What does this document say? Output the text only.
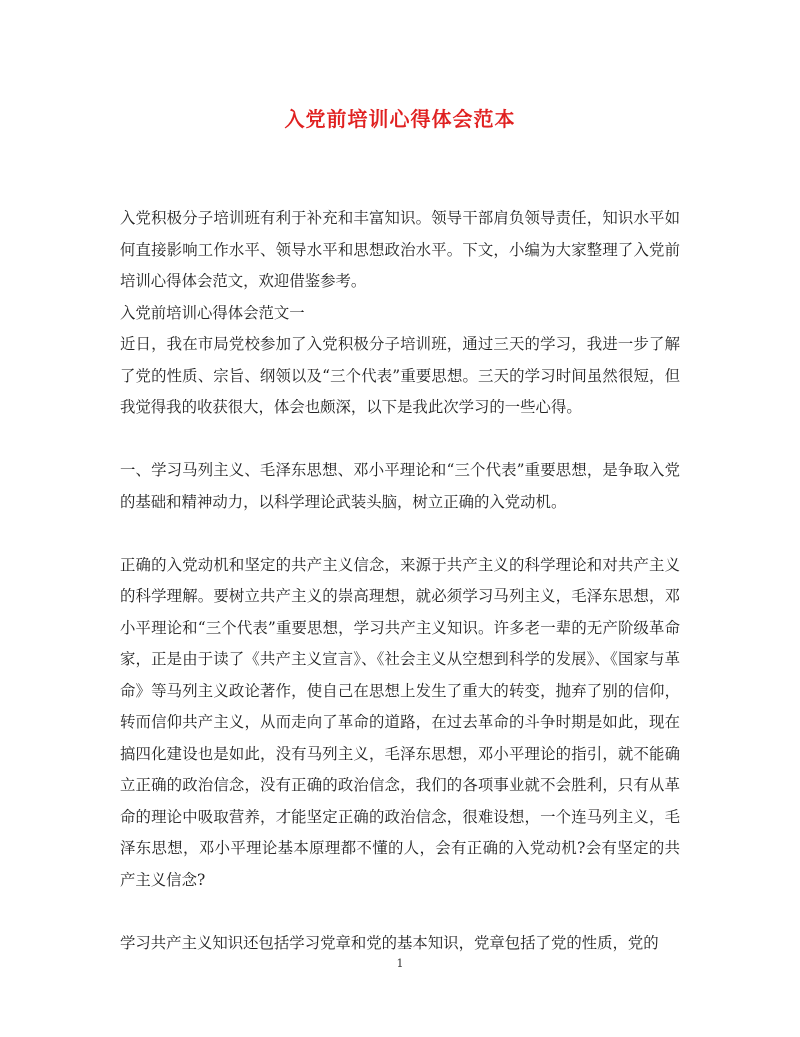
入党前培训心得体会范本

入党积极分子培训班有利于补充和丰富知识。领导干部肩负领导责任，知识水平如何直接影响工作水平、领导水平和思想政治水平。下文，小编为大家整理了入党前培训心得体会范文，欢迎借鉴参考。

入党前培训心得体会范文一

近日，我在市局党校参加了入党积极分子培训班，通过三天的学习，我进一步了解了党的性质、宗旨、纲领以及“三个代表”重要思想。三天的学习时间虽然很短，但我觉得我的收获很大，体会也颇深，以下是我此次学习的一些心得。

一、学习马列主义、毛泽东思想、邓小平理论和“三个代表”重要思想，是争取入党的基础和精神动力，以科学理论武装头脑，树立正确的入党动机。

正确的入党动机和坚定的共产主义信念，来源于共产主义的科学理论和对共产主义的科学理解。要树立共产主义的崇高理想，就必须学习马列主义，毛泽东思想，邓小平理论和“三个代表”重要思想，学习共产主义知识。许多老一辈的无产阶级革命家，正是由于读了《共产主义宣言》、《社会主义从空想到科学的发展》、《国家与革命》等马列主义政论著作，使自己在思想上发生了重大的转变，抛弃了别的信仰，转而信仰共产主义，从而走向了革命的道路，在过去革命的斗争时期是如此，现在搞四化建设也是如此，没有马列主义，毛泽东思想，邓小平理论的指引，就不能确立正确的政治信念，没有正确的政治信念，我们的各项事业就不会胜利，只有从革命的理论中吸取营养，才能坚定正确的政治信念，很难设想，一个连马列主义，毛泽东思想，邓小平理论基本原理都不懂的人，会有正确的入党动机?会有坚定的共产主义信念?

学习共产主义知识还包括学习党章和党的基本知识，党章包括了党的性质，党的

1
